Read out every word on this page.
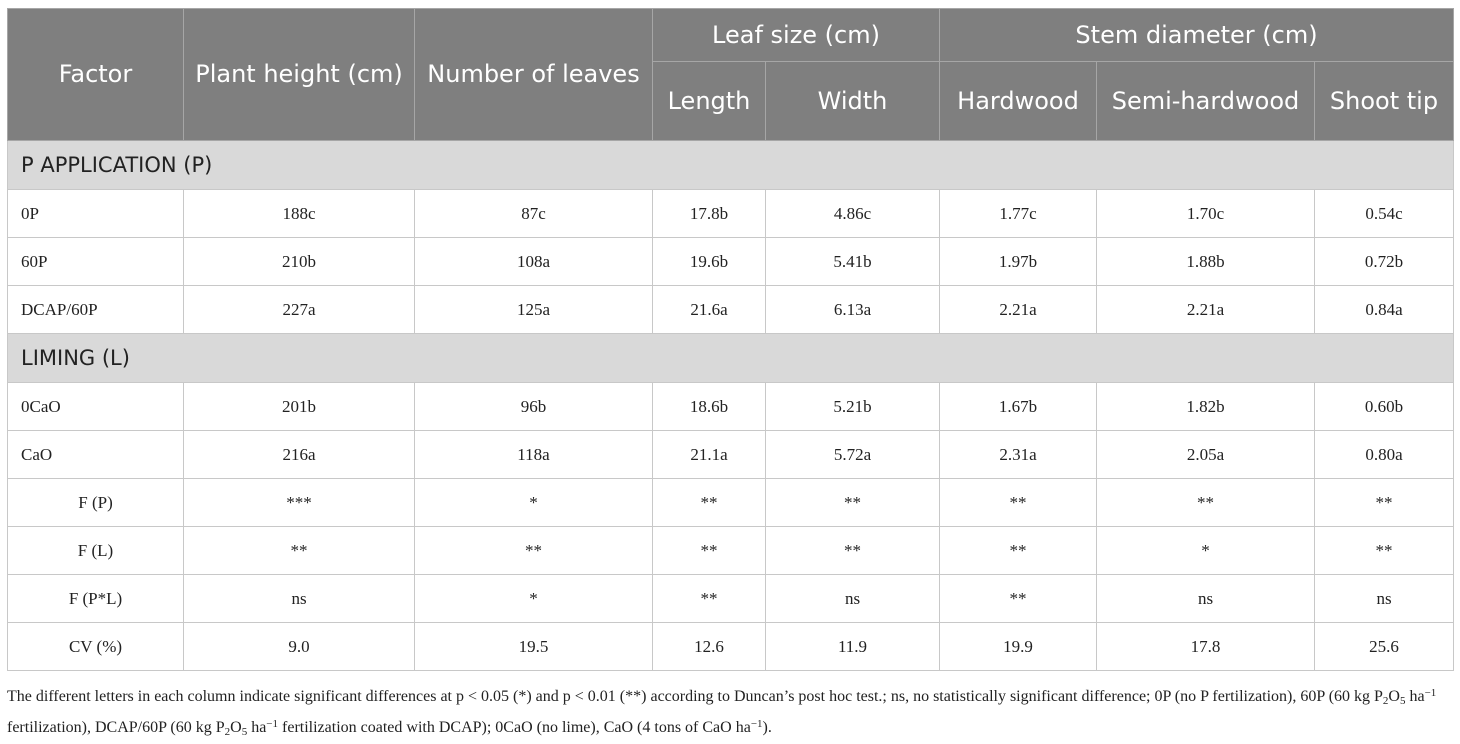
Factor	Plant height (cm)	Number of leaves	Leaf size (cm)		Stem diameter (cm)		
			Length	Width	Hardwood	Semi-hardwood	Shoot tip
P APPLICATION (P)							
0P	188c	87c	17.8b	4.86c	1.77c	1.70c	0.54c
60P	210b	108a	19.6b	5.41b	1.97b	1.88b	0.72b
DCAP/60P	227a	125a	21.6a	6.13a	2.21a	2.21a	0.84a
LIMING (L)							
0CaO	201b	96b	18.6b	5.21b	1.67b	1.82b	0.60b
CaO	216a	118a	21.1a	5.72a	2.31a	2.05a	0.80a
F (P)	***	*	**	**	**	**	**
F (L)	**	**	**	**	**	*	**
F (P*L)	ns	*	**	ns	**	ns	ns
CV (%)	9.0	19.5	12.6	11.9	19.9	17.8	25.6

The different letters in each column indicate significant differences at p < 0.05 (*) and p < 0.01 (**) according to Duncan’s post hoc test.; ns, no statistically significant difference; 0P (no P fertilization), 60P (60 kg $P_2O_5$ $ha^{-1}$ fertilization), DCAP/60P (60 kg $P_2O_5$ $ha^{-1}$ fertilization coated with DCAP); 0CaO (no lime), CaO (4 tons of CaO $ha^{-1}$).
